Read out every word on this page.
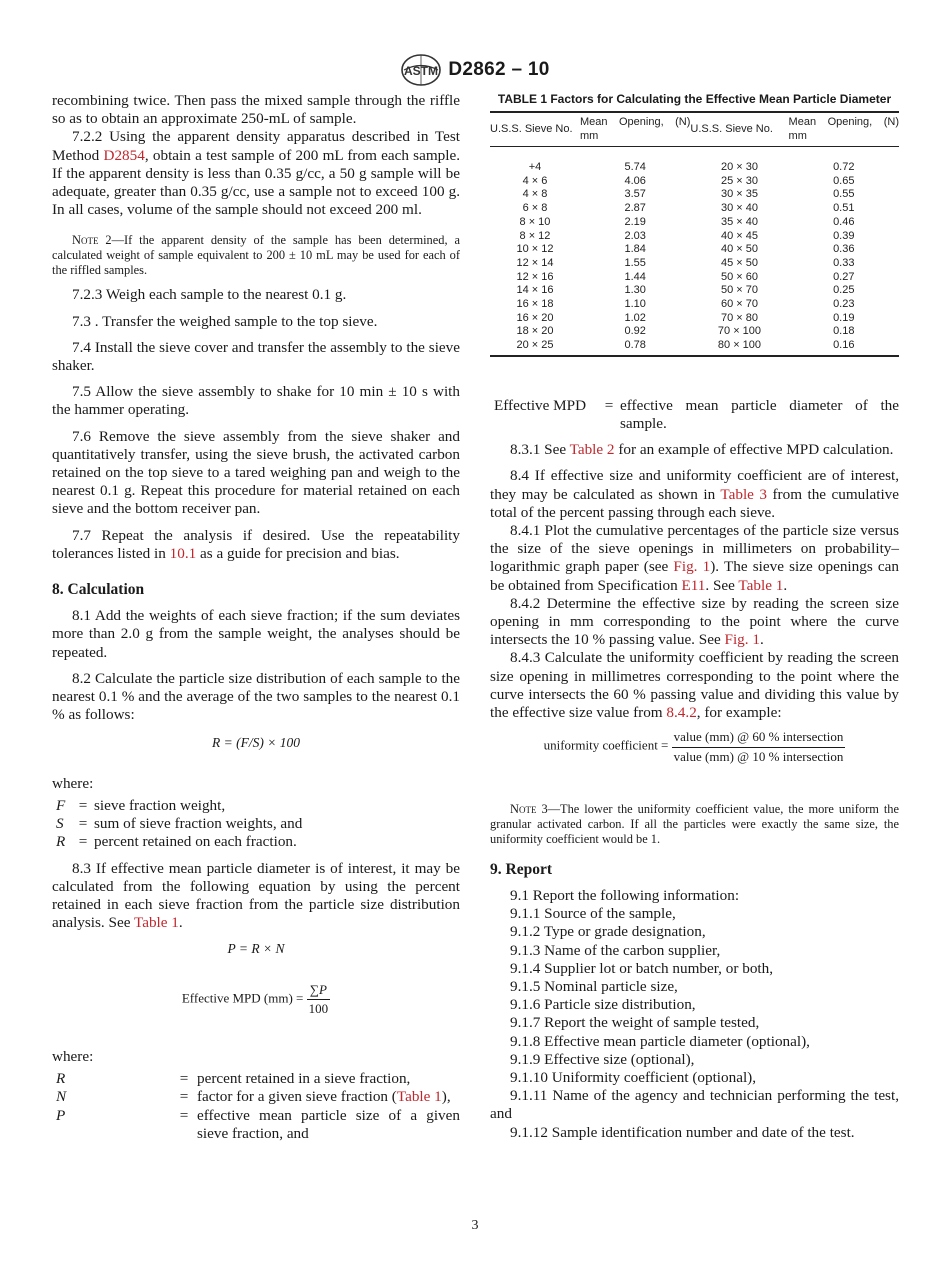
ASTM D2862 – 10

recombining twice. Then pass the mixed sample through the riffle so as to obtain an approximate 250-mL of sample.

7.2.2 Using the apparent density apparatus described in Test Method D2854, obtain a test sample of 200 mL from each sample. If the apparent density is less than 0.35 g/cc, a 50 g sample will be adequate, greater than 0.35 g/cc, use a sample not to exceed 100 g. In all cases, volume of the sample should not exceed 200 ml.

Note 2—If the apparent density of the sample has been determined, a calculated weight of sample equivalent to 200 ± 10 mL may be used for each of the riffled samples.

7.2.3 Weigh each sample to the nearest 0.1 g.

7.3 . Transfer the weighed sample to the top sieve.

7.4 Install the sieve cover and transfer the assembly to the sieve shaker.

7.5 Allow the sieve assembly to shake for 10 min ± 10 s with the hammer operating.

7.6 Remove the sieve assembly from the sieve shaker and quantitatively transfer, using the sieve brush, the activated carbon retained on the top sieve to a tared weighing pan and weigh to the nearest 0.1 g. Repeat this procedure for material retained on each sieve and the bottom receiver pan.

7.7 Repeat the analysis if desired. Use the repeatability tolerances listed in 10.1 as a guide for precision and bias.

8. Calculation

8.1 Add the weights of each sieve fraction; if the sum deviates more than 2.0 g from the sample weight, the analyses should be repeated.

8.2 Calculate the particle size distribution of each sample to the nearest 0.1 % and the average of the two samples to the nearest 0.1 % as follows:

R = (F/S) × 100

where:

F = sieve fraction weight,
S = sum of sieve fraction weights, and
R = percent retained on each fraction.

8.3 If effective mean particle diameter is of interest, it may be calculated from the following equation by using the percent retained in each sieve fraction from the particle size distribution analysis. See Table 1.

P = R × N
Effective MPD $(mm) = \frac{\sum P}{100}$

where:

R	= percent retained in a sieve fraction,
N	= factor for a given sieve fraction (Table 1),
P	= effective mean particle size of a given sieve fraction, and
TABLE 1 Factors for Calculating the Effective Mean Particle Diameter
U.S.S. Sieve No.	Mean Opening, (N) mm	U.S.S. Sieve No.	Mean Opening, (N) mm

+4	5.74	20 × 30	0.72
4 × 6	4.06	25 × 30	0.65
4 × 8	3.57	30 × 35	0.55
6 × 8	2.87	30 × 40	0.51
8 × 10	2.19	35 × 40	0.46
8 × 12	2.03	40 × 45	0.39
10 × 12	1.84	40 × 50	0.36
12 × 14	1.55	45 × 50	0.33
12 × 16	1.44	50 × 60	0.27
14 × 16	1.30	50 × 70	0.25
16 × 18	1.10	60 × 70	0.23
16 × 20	1.02	70 × 80	0.19
18 × 20	0.92	70 × 100	0.18
20 × 25	0.78	80 × 100	0.16
Effective MPD	= effective mean particle diameter of the sample.

8.3.1 See Table 2 for an example of effective MPD calculation.

8.4 If effective size and uniformity coefficient are of interest, they may be calculated as shown in Table 3 from the cumulative total of the percent passing through each sieve.

8.4.1 Plot the cumulative percentages of the particle size versus the size of the sieve openings in millimeters on probability–logarithmic graph paper (see Fig. 1). The sieve size openings can be obtained from Specification E11. See Table 1.

8.4.2 Determine the effective size by reading the screen size opening in mm corresponding to the point where the curve intersects the 10 % passing value. See Fig. 1.

8.4.3 Calculate the uniformity coefficient by reading the screen size opening in millimetres corresponding to the point where the curve intersects the 60 % passing value and dividing this value by the effective size value from 8.4.2, for example:

uniformity coefficient = $\frac{\text{value (mm) @ 60 \% intersection}}{\text{value (mm) @ 10 \% intersection}}$

Note 3—The lower the uniformity coefficient value, the more uniform the granular activated carbon. If all the particles were exactly the same size, the uniformity coefficient would be 1.

9. Report

9.1 Report the following information:

9.1.1 Source of the sample,

9.1.2 Type or grade designation,

9.1.3 Name of the carbon supplier,

9.1.4 Supplier lot or batch number, or both,

9.1.5 Nominal particle size,

9.1.6 Particle size distribution,

9.1.7 Report the weight of sample tested,

9.1.8 Effective mean particle diameter (optional),

9.1.9 Effective size (optional),

9.1.10 Uniformity coefficient (optional),

9.1.11 Name of the agency and technician performing the test, and

9.1.12 Sample identification number and date of the test.

3
